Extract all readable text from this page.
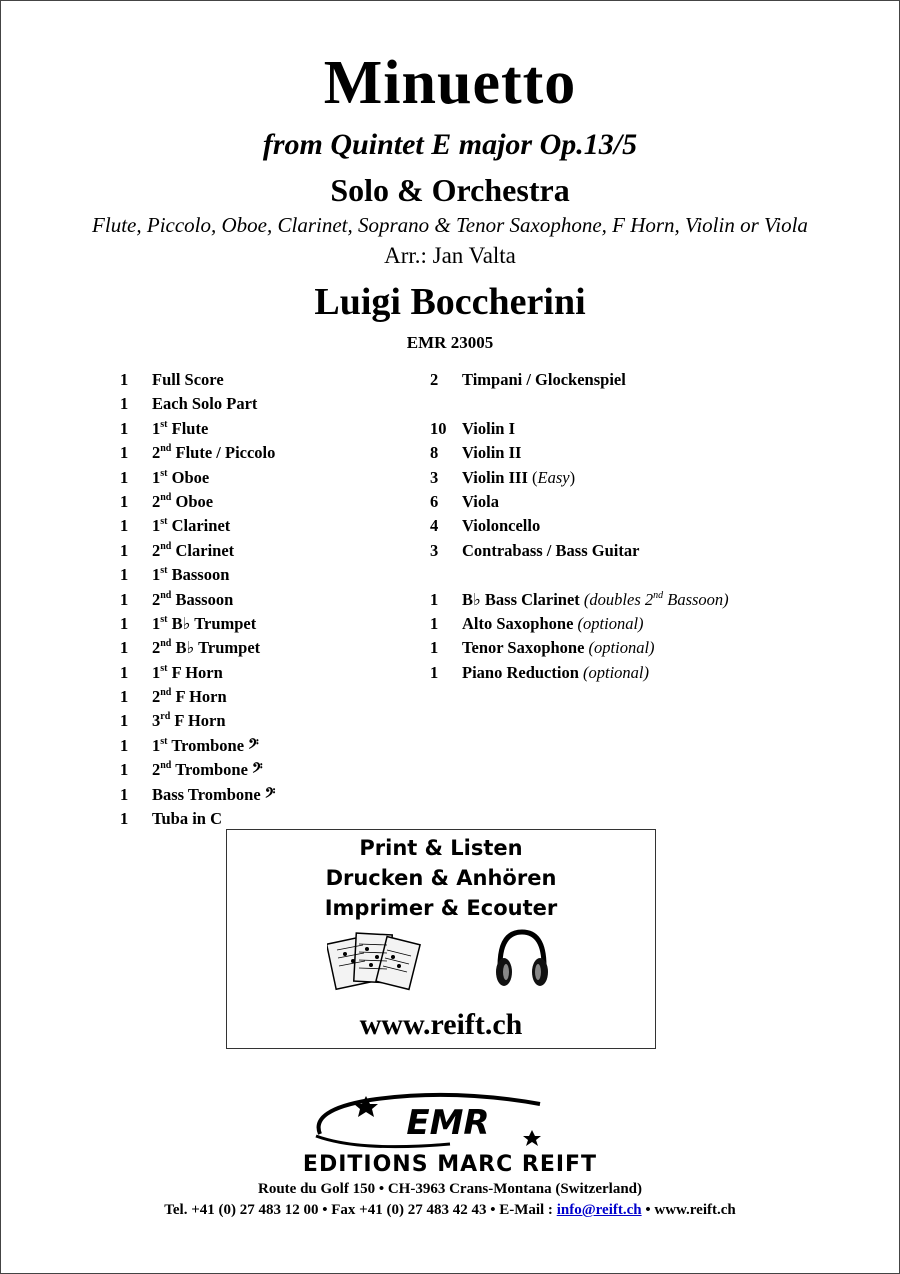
Minuetto
from Quintet E major Op.13/5
Solo & Orchestra
Flute, Piccolo, Oboe, Clarinet, Soprano & Tenor Saxophone, F Horn, Violin or Viola
Arr.: Jan Valta
Luigi Boccherini
EMR 23005
1	Full Score
1	Each Solo Part
1	1st Flute
1	2nd Flute / Piccolo
1	1st Oboe
1	2nd Oboe
1	1st Clarinet
1	2nd Clarinet
1	1st Bassoon
1	2nd Bassoon
1	1st B♭ Trumpet
1	2nd B♭ Trumpet
1	1st F Horn
1	2nd F Horn
1	3rd F Horn
1	1st Trombone 𝄢
1	2nd Trombone 𝄢
1	Bass Trombone 𝄢
1	Tuba in C
2	Timpani / Glockenspiel
10 Violin I
8	Violin II
3	Violin III
(Easy)
6	Viola
4	Violoncello
3	Contrabass / Bass Guitar
1	B♭ Bass Clarinet
(doubles 2nd Bassoon)
1	Alto Saxophone
(optional)
1	Tenor Saxophone
(optional)
1	Piano Reduction
(optional)
Print & Listen
Drucken & Anhören
Imprimer & Ecouter
www.reift.ch
EMR
EDITIONS MARC REIFT
Route du Golf 150 • CH-3963 Crans-Montana (Switzerland)
Tel. +41 (0) 27 483 12 00 • Fax +41 (0) 27 483 42 43 • E-Mail : info@reift.ch • www.reift.ch
